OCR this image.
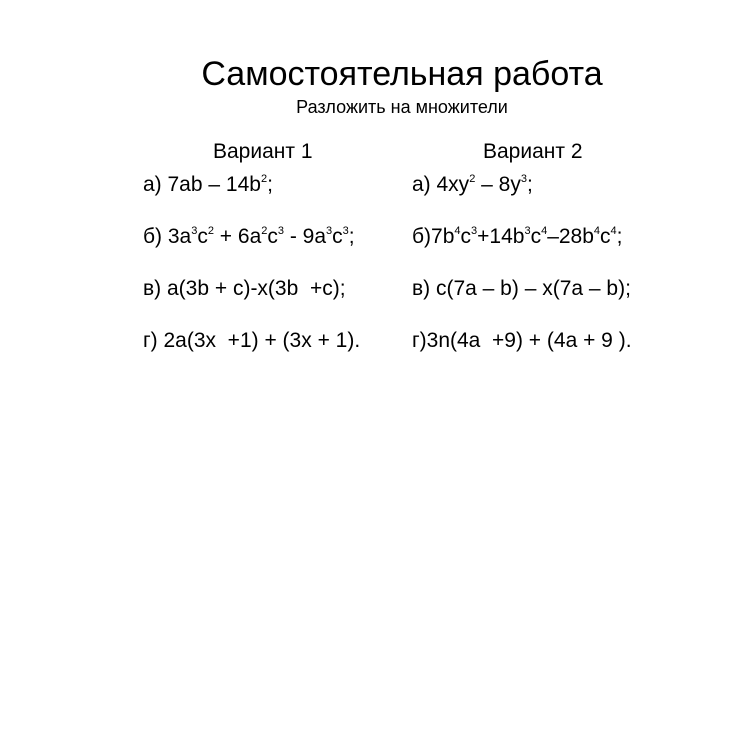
Самостоятельная работа
Разложить на множители
Вариант 1	Вариант 2
а) $7ab - 14b^2$;
б) $3a^3c^2 + 6a^2c^3 - 9a^3c^3$;
в) a(3b + c)-x(3b  +c);
г) 2a(3x  +1) + (3x + 1).
а) $4xy^2 - 8y^3$;
$б)7b^4c^3+14b^3c^4-28b^4c^4$;
в) c(7a – b) – x(7a – b);
г)3n(4a  +9) + (4a + 9 ).
